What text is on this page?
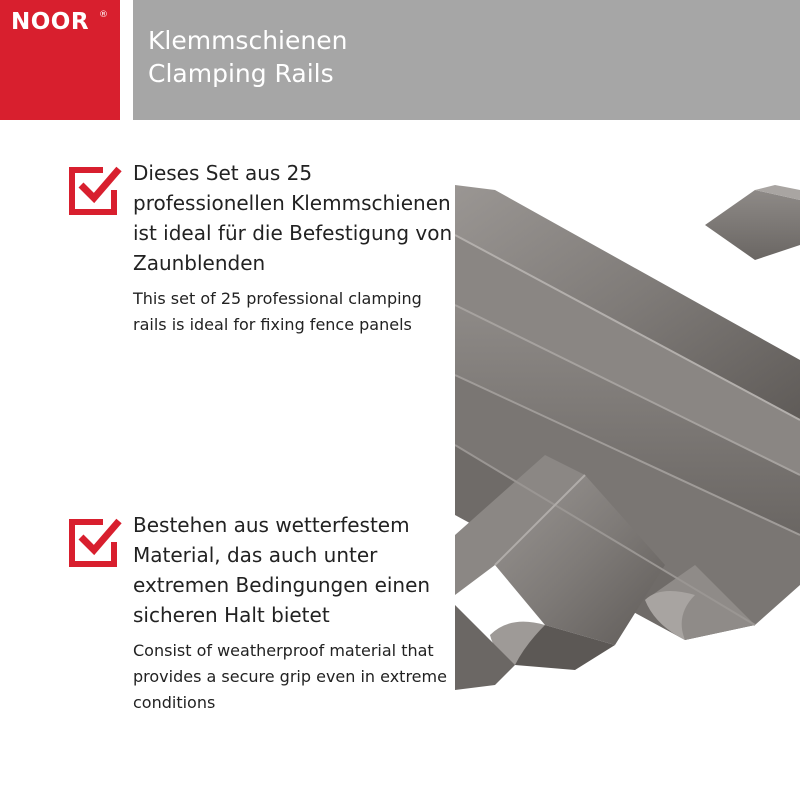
NOOR ®
Klemmschienen
Clamping Rails
Dieses Set aus 25 professionellen Klemmschienen ist ideal für die Befestigung von Zaunblenden
This set of 25 professional clamping rails is ideal for fixing fence panels
Bestehen aus wetterfestem Material, das auch unter extremen Bedingungen einen sicheren Halt bietet
Consist of weatherproof material that provides a secure grip even in extreme conditions
